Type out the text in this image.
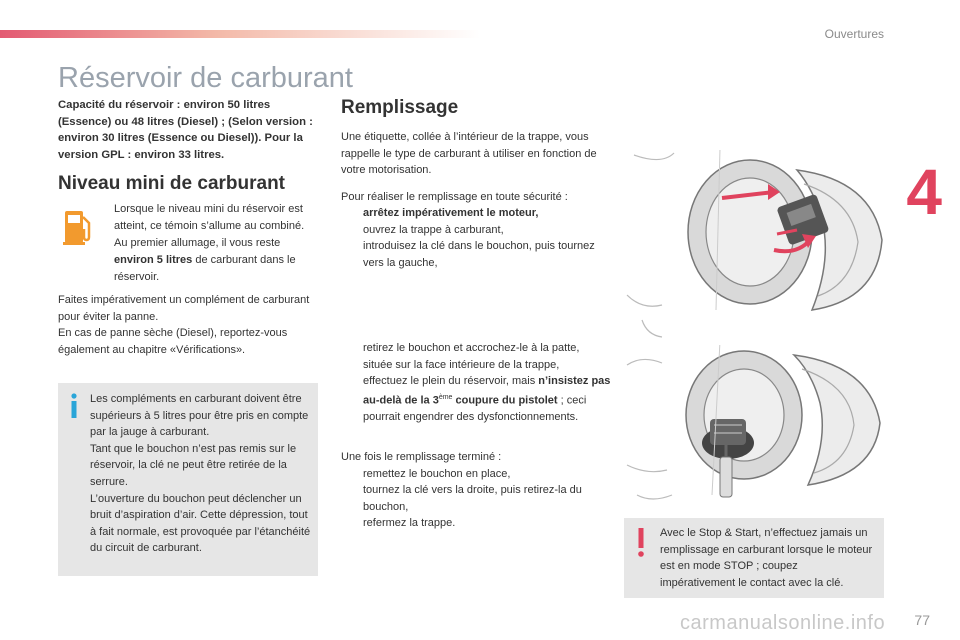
Ouvertures
4
Réservoir de carburant

Capacité du réservoir : environ 50 litres (Essence) ou 48 litres (Diesel) ; (Selon version : environ 30 litres (Essence ou Diesel)). Pour la version GPL : environ 33 litres.

Niveau mini de carburant

Lorsque le niveau mini du réservoir est atteint, ce témoin s’allume au combiné. Au premier allumage, il vous reste environ 5 litres de carburant dans le réservoir.

Faites impérativement un complément de carburant pour éviter la panne.

En cas de panne sèche (Diesel), reportez-vous également au chapitre «Vérifications».

Les compléments en carburant doivent être supérieurs à 5 litres pour être pris en compte par la jauge à carburant.

Tant que le bouchon n’est pas remis sur le réservoir, la clé ne peut être retirée de la serrure.

L’ouverture du bouchon peut déclencher un bruit d’aspiration d’air. Cette dépression, tout à fait normale, est provoquée par l’étanchéité du circuit de carburant.

Remplissage

Une étiquette, collée à l’intérieur de la trappe, vous rappelle le type de carburant à utiliser en fonction de votre motorisation.

Pour réaliser le remplissage en toute sécurité :

arrêtez impérativement le moteur,
ouvrez la trappe à carburant,
introduisez la clé dans le bouchon, puis tournez vers la gauche,
retirez le bouchon et accrochez-le à la patte, située sur la face intérieure de la trappe,
effectuez le plein du réservoir, mais n’insistez pas au-delà de la 3ème coupure du pistolet ; ceci pourrait engendrer des dysfonctionnements.

Une fois le remplissage terminé :

remettez le bouchon en place,
tournez la clé vers la droite, puis retirez-la du bouchon,
refermez la trappe.

Avec le Stop & Start, n’effectuez jamais un remplissage en carburant lorsque le moteur est en mode STOP ; coupez impérativement le contact avec la clé.

carmanualsonline.info 77
